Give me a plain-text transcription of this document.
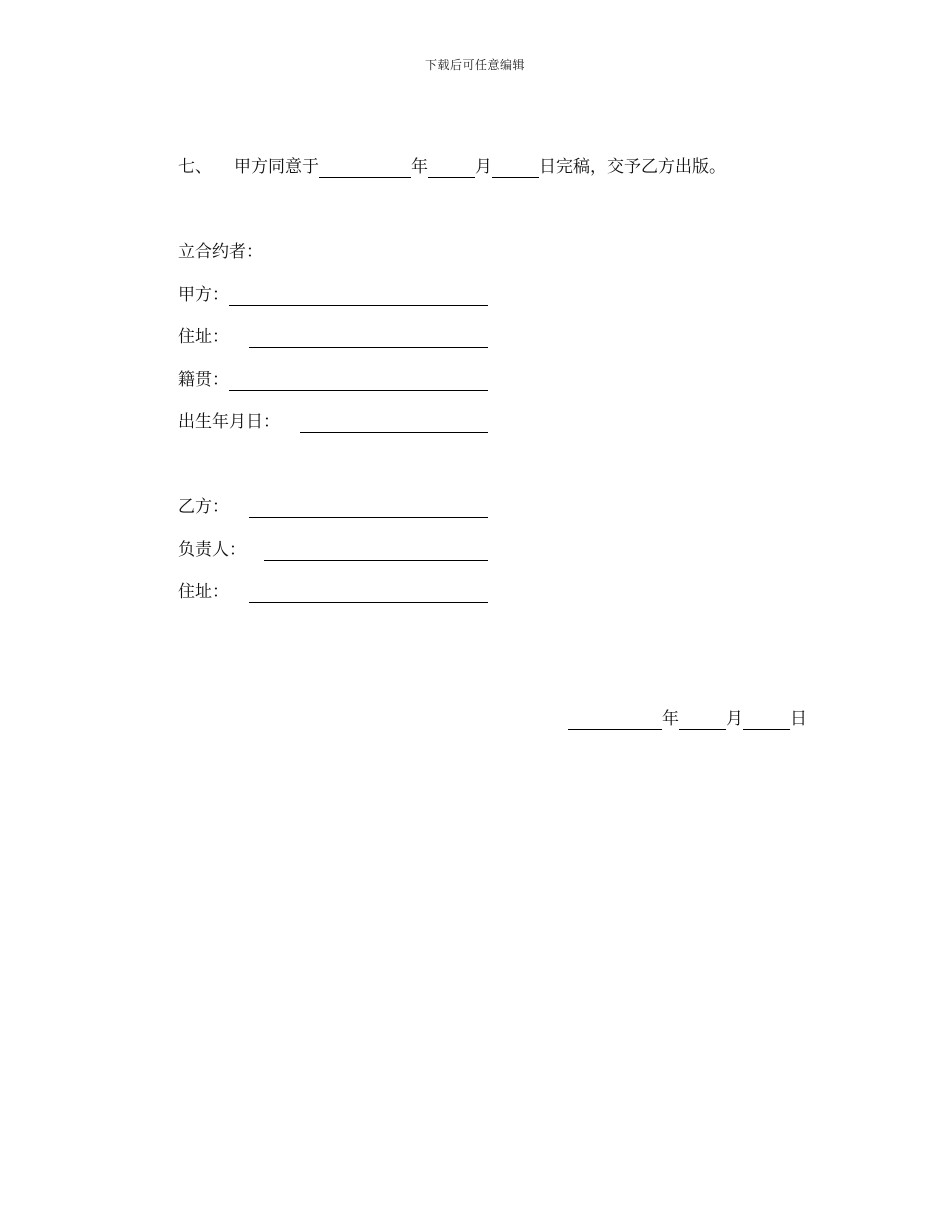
下载后可任意编辑
七、 甲方同意于	年	月	日完稿，交予乙方出版。
立合约者：
甲方：
住址：
籍贯：
出生年月日：
乙方：
负责人：
住址：
年	月	日
